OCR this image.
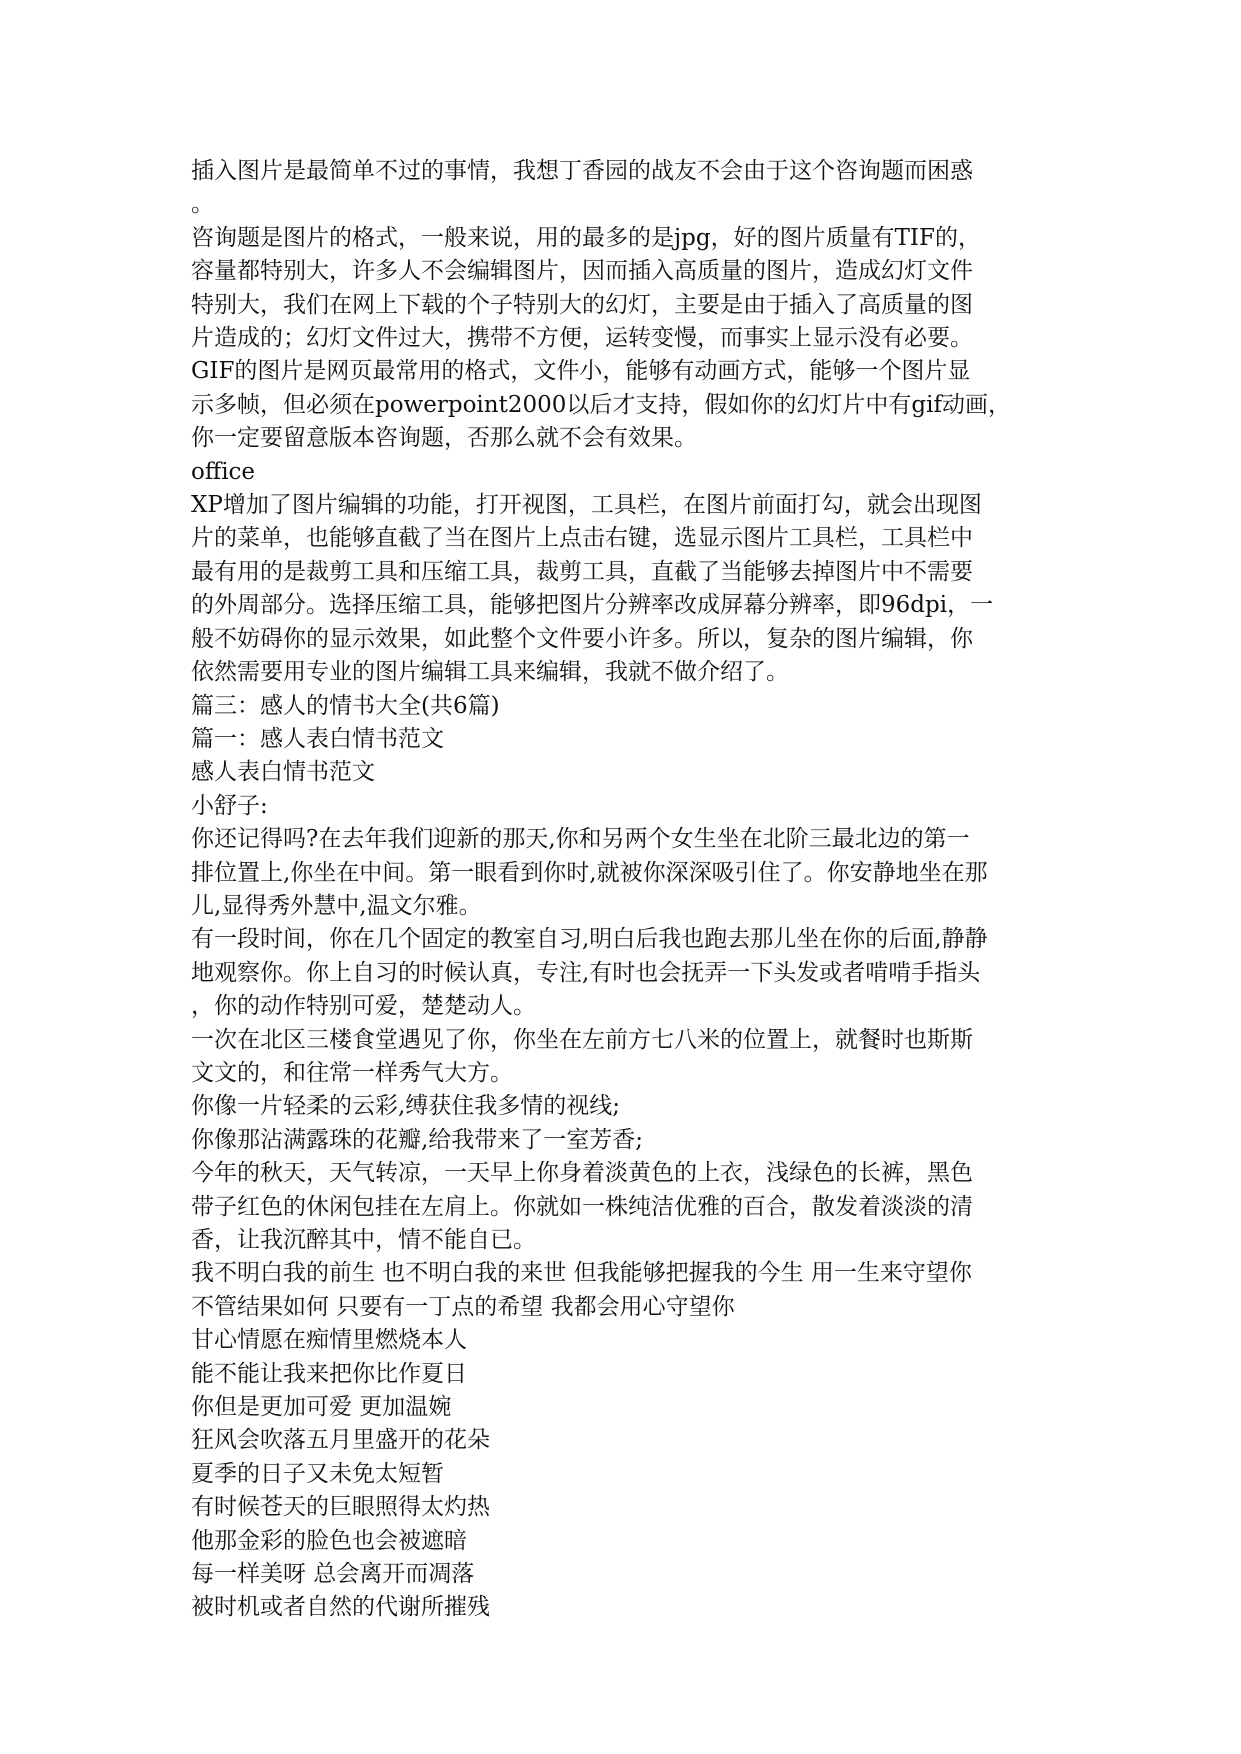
插入图片是最简单不过的事情，我想丁香园的战友不会由于这个咨询题而困惑

。

咨询题是图片的格式，一般来说，用的最多的是jpg，好的图片质量有TIF的，

容量都特别大，许多人不会编辑图片，因而插入高质量的图片，造成幻灯文件

特别大，我们在网上下载的个子特别大的幻灯，主要是由于插入了高质量的图

片造成的；幻灯文件过大，携带不方便，运转变慢，而事实上显示没有必要。

GIF的图片是网页最常用的格式，文件小，能够有动画方式，能够一个图片显

示多帧，但必须在powerpoint2000以后才支持，假如你的幻灯片中有gif动画，

你一定要留意版本咨询题，否那么就不会有效果。

office

XP增加了图片编辑的功能，打开视图，工具栏，在图片前面打勾，就会出现图

片的菜单，也能够直截了当在图片上点击右键，选显示图片工具栏，工具栏中

最有用的是裁剪工具和压缩工具，裁剪工具，直截了当能够去掉图片中不需要

的外周部分。选择压缩工具，能够把图片分辨率改成屏幕分辨率，即96dpi，一

般不妨碍你的显示效果，如此整个文件要小许多。所以，复杂的图片编辑，你

依然需要用专业的图片编辑工具来编辑，我就不做介绍了。

篇三：感人的情书大全(共6篇)

篇一：感人表白情书范文

感人表白情书范文

小舒子:

你还记得吗?在去年我们迎新的那天,你和另两个女生坐在北阶三最北边的第一

排位置上,你坐在中间。第一眼看到你时,就被你深深吸引住了。你安静地坐在那

儿,显得秀外慧中,温文尔雅。

有一段时间，你在几个固定的教室自习,明白后我也跑去那儿坐在你的后面,静静

地观察你。你上自习的时候认真，专注,有时也会抚弄一下头发或者啃啃手指头

，你的动作特别可爱，楚楚动人。

一次在北区三楼食堂遇见了你，你坐在左前方七八米的位置上，就餐时也斯斯

文文的，和往常一样秀气大方。

你像一片轻柔的云彩,缚获住我多情的视线;

你像那沾满露珠的花瓣,给我带来了一室芳香;

今年的秋天，天气转凉，一天早上你身着淡黄色的上衣，浅绿色的长裤，黑色

带子红色的休闲包挂在左肩上。你就如一株纯洁优雅的百合，散发着淡淡的清

香，让我沉醉其中，情不能自已。

我不明白我的前生 也不明白我的来世 但我能够把握我的今生 用一生来守望你

不管结果如何 只要有一丁点的希望 我都会用心守望你

甘心情愿在痴情里燃烧本人

能不能让我来把你比作夏日

你但是更加可爱 更加温婉

狂风会吹落五月里盛开的花朵

夏季的日子又未免太短暂

有时候苍天的巨眼照得太灼热

他那金彩的脸色也会被遮暗

每一样美呀 总会离开而凋落

被时机或者自然的代谢所摧残
